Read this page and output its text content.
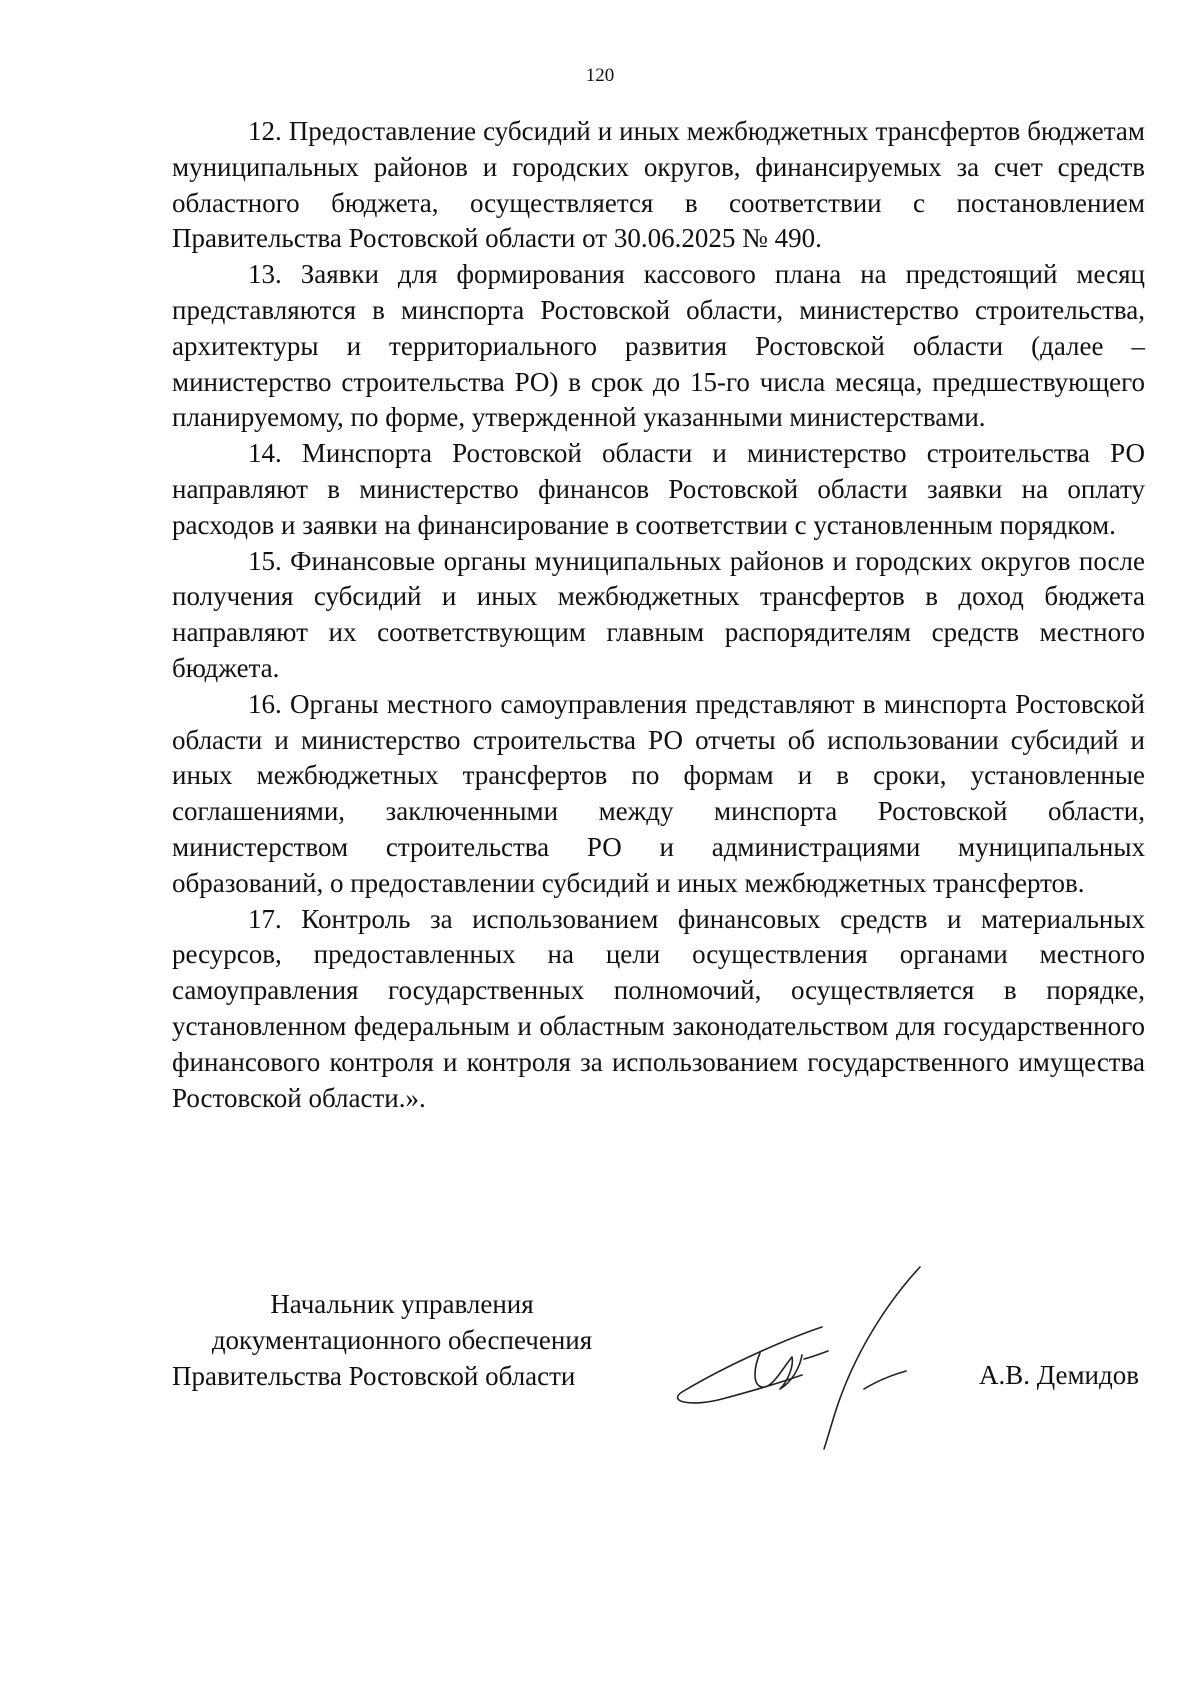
120

12. Предоставление субсидий и иных межбюджетных трансфертов бюджетам муниципальных районов и городских округов, финансируемых за счет средств областного бюджета, осуществляется в соответствии с постановлением Правительства Ростовской области от 30.06.2025 № 490.

13. Заявки для формирования кассового плана на предстоящий месяц представляются в минспорта Ростовской области, министерство строительства, архитектуры и территориального развития Ростовской области (далее – министерство строительства РО) в срок до 15-го числа месяца, предшествующего планируемому, по форме, утвержденной указанными министерствами.

14. Минспорта Ростовской области и министерство строительства РО направляют в министерство финансов Ростовской области заявки на оплату расходов и заявки на финансирование в соответствии с установленным порядком.

15. Финансовые органы муниципальных районов и городских округов после получения субсидий и иных межбюджетных трансфертов в доход бюджета направляют их соответствующим главным распорядителям средств местного бюджета.

16. Органы местного самоуправления представляют в минспорта Ростовской области и министерство строительства РО отчеты об использовании субсидий и иных межбюджетных трансфертов по формам и в сроки, установленные соглашениями, заключенными между минспорта Ростовской области, министерством строительства РО и администрациями муниципальных образований, о предоставлении субсидий и иных межбюджетных трансфертов.

17. Контроль за использованием финансовых средств и материальных ресурсов, предоставленных на цели осуществления органами местного самоуправления государственных полномочий, осуществляется в порядке, установленном федеральным и областным законодательством для государственного финансового контроля и контроля за использованием государственного имущества Ростовской области.».

Начальник управления
документационного обеспечения
Правительства Ростовской области	А.В. Демидов
